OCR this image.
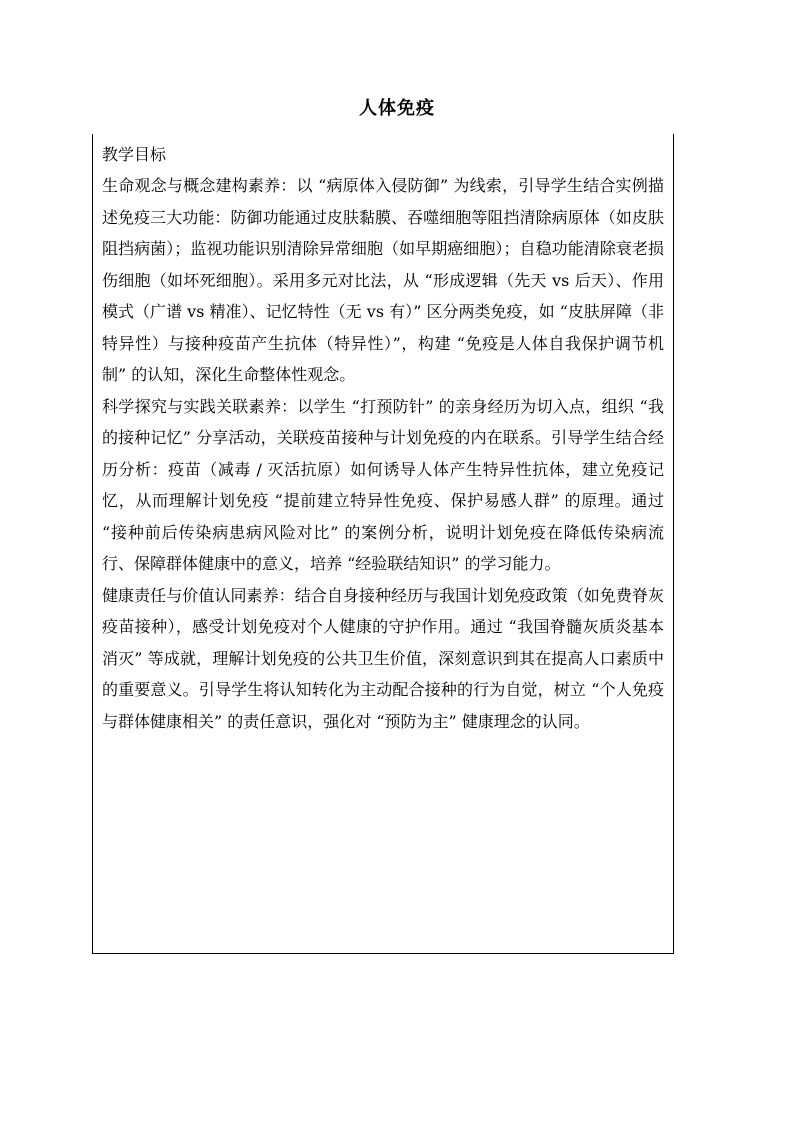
人体免疫

教学目标

生命观念与概念建构素养：以 “病原体入侵防御” 为线索，引导学生结合实例描述免疫三大功能：防御功能通过皮肤黏膜、吞噬细胞等阻挡清除病原体（如皮肤阻挡病菌）；监视功能识别清除异常细胞（如早期癌细胞）；自稳功能清除衰老损伤细胞（如坏死细胞）。采用多元对比法，从 “形成逻辑（先天 vs 后天）、作用模式（广谱 vs 精准）、记忆特性（无 vs 有）” 区分两类免疫，如 “皮肤屏障（非特异性）与接种疫苗产生抗体（特异性）”，构建 “免疫是人体自我保护调节机制” 的认知，深化生命整体性观念。

科学探究与实践关联素养：以学生 “打预防针” 的亲身经历为切入点，组织 “我的接种记忆” 分享活动，关联疫苗接种与计划免疫的内在联系。引导学生结合经历分析：疫苗（减毒 / 灭活抗原）如何诱导人体产生特异性抗体，建立免疫记忆，从而理解计划免疫 “提前建立特异性免疫、保护易感人群” 的原理。通过 “接种前后传染病患病风险对比” 的案例分析，说明计划免疫在降低传染病流行、保障群体健康中的意义，培养 “经验联结知识” 的学习能力。

健康责任与价值认同素养：结合自身接种经历与我国计划免疫政策（如免费脊灰疫苗接种），感受计划免疫对个人健康的守护作用。通过 “我国脊髓灰质炎基本消灭” 等成就，理解计划免疫的公共卫生价值，深刻意识到其在提高人口素质中的重要意义。引导学生将认知转化为主动配合接种的行为自觉，树立 “个人免疫与群体健康相关” 的责任意识，强化对 “预防为主” 健康理念的认同。
